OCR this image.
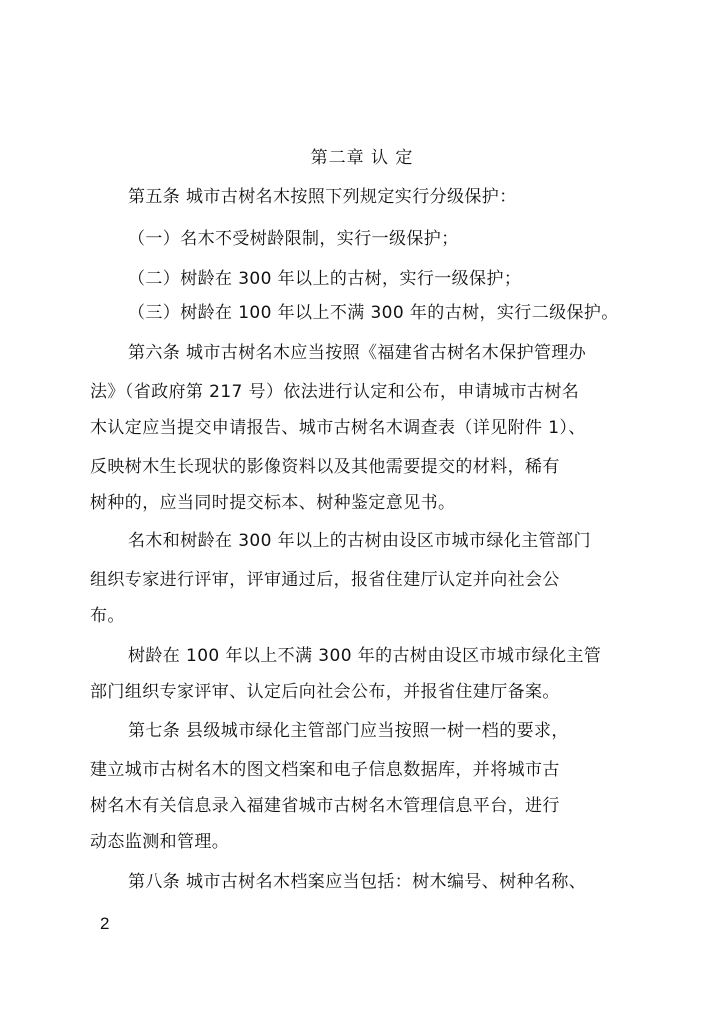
第二章 认 定
第五条 城市古树名木按照下列规定实行分级保护：
（一）名木不受树龄限制，实行一级保护；
（二）树龄在 300 年以上的古树，实行一级保护；
（三）树龄在 100 年以上不满 300 年的古树，实行二级保护。
第六条 城市古树名木应当按照《福建省古树名木保护管理办
法》（省政府第 217 号）依法进行认定和公布，申请城市古树名
木认定应当提交申请报告、城市古树名木调查表（详见附件 1）、
反映树木生长现状的影像资料以及其他需要提交的材料，稀有
树种的，应当同时提交标本、树种鉴定意见书。
名木和树龄在 300 年以上的古树由设区市城市绿化主管部门
组织专家进行评审，评审通过后，报省住建厅认定并向社会公
布。
树龄在 100 年以上不满 300 年的古树由设区市城市绿化主管
部门组织专家评审、认定后向社会公布，并报省住建厅备案。
第七条 县级城市绿化主管部门应当按照一树一档的要求，
建立城市古树名木的图文档案和电子信息数据库，并将城市古
树名木有关信息录入福建省城市古树名木管理信息平台，进行
动态监测和管理。
第八条 城市古树名木档案应当包括：树木编号、树种名称、
2
